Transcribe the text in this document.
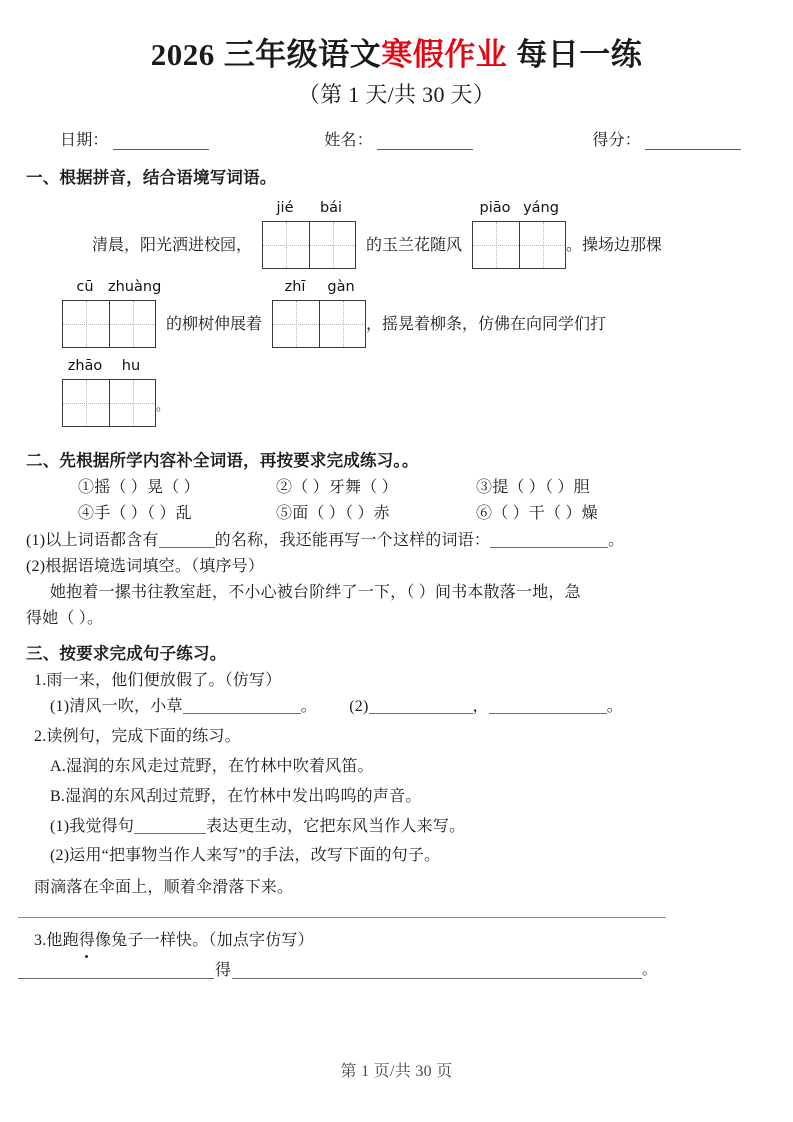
2026 三年级语文寒假作业 每日一练
（第 1 天/共 30 天）
日期：	姓名：	得分：
一、根据拼音，结合语境写词语。
清晨，阳光洒进校园，
jié	bái
的玉兰花随风
piāo yáng
。操场边那棵
cū zhuàng
的柳树伸展着
zhī	gàn
，摇晃着柳条，仿佛在向同学们打
zhāo	hu
。
二、先根据所学内容补全词语，再按要求完成练习。。
①摇（ ）晃（ ）	②（ ）牙舞（ ）	③提（ ）（ ）胆
④手（ ）（ ）乱	⑤面（ ）（ ）赤	⑥（ ）干（ ）燥
(1)以上词语都含有	的名称，我还能再写一个这样的词语：	。
(2)根据语境选词填空。（填序号）
她抱着一摞书往教室赶，不小心被台阶绊了一下，（ ）间书本散落一地，急
得她（ ）。
三、按要求完成句子练习。
1.雨一来，他们便放假了。（仿写）
(1)清风一吹，小草	。 (2)	，	。
2.读例句，完成下面的练习。
A.湿润的东风走过荒野，在竹林中吹着风笛。
B.湿润的东风刮过荒野，在竹林中发出呜呜的声音。
(1)我觉得句	表达更生动，它把东风当作人来写。
(2)运用“把事物当作人来写”的手法，改写下面的句子。
雨滴落在伞面上，顺着伞滑落下来。
3.他跑得像兔子一样快。（加点字仿写）
得	。
第 1 页/共 30 页
